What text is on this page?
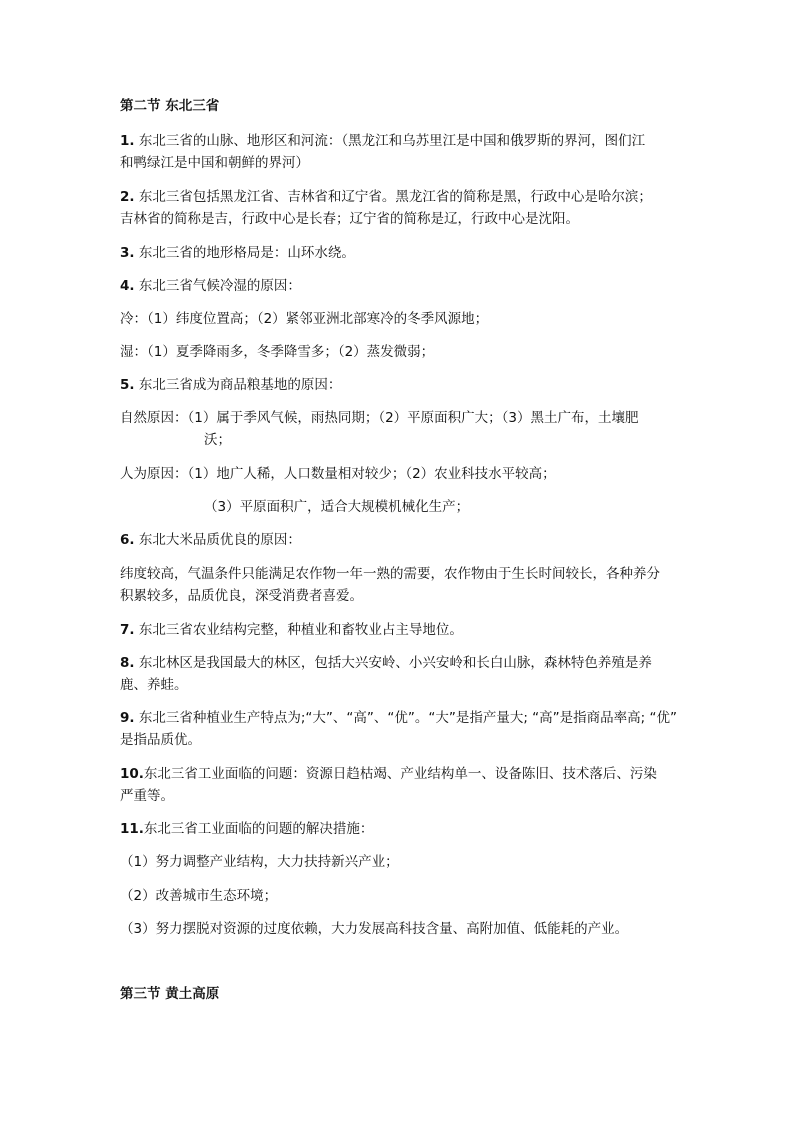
第二节 东北三省
1. 东北三省的山脉、地形区和河流：（黑龙江和乌苏里江是中国和俄罗斯的界河，图们江
和鸭绿江是中国和朝鲜的界河）
2. 东北三省包括黑龙江省、吉林省和辽宁省。黑龙江省的简称是黑，行政中心是哈尔滨；
吉林省的简称是吉，行政中心是长春；辽宁省的简称是辽，行政中心是沈阳。
3. 东北三省的地形格局是：山环水绕。
4. 东北三省气候冷湿的原因：
冷：（1）纬度位置高；（2）紧邻亚洲北部寒冷的冬季风源地；
湿：（1）夏季降雨多，冬季降雪多；（2）蒸发微弱；
5. 东北三省成为商品粮基地的原因：
自然原因：（1）属于季风气候，雨热同期；（2）平原面积广大；（3）黑土广布，土壤肥
沃；
人为原因：（1）地广人稀，人口数量相对较少；（2）农业科技水平较高；
（3）平原面积广，适合大规模机械化生产；
6. 东北大米品质优良的原因：
纬度较高，气温条件只能满足农作物一年一熟的需要，农作物由于生长时间较长，各种养分
积累较多，品质优良，深受消费者喜爱。
7. 东北三省农业结构完整，种植业和畜牧业占主导地位。
8. 东北林区是我国最大的林区，包括大兴安岭、小兴安岭和长白山脉，森林特色养殖是养
鹿、养蛙。
9. 东北三省种植业生产特点为;“大”、“高”、“优”。“大”是指产量大; “高”是指商品率高; “优”
是指品质优。
10.东北三省工业面临的问题：资源日趋枯竭、产业结构单一、设备陈旧、技术落后、污染
严重等。
11.东北三省工业面临的问题的解决措施：
（1）努力调整产业结构，大力扶持新兴产业；
（2）改善城市生态环境；
（3）努力摆脱对资源的过度依赖，大力发展高科技含量、高附加值、低能耗的产业。
第三节 黄土高原
